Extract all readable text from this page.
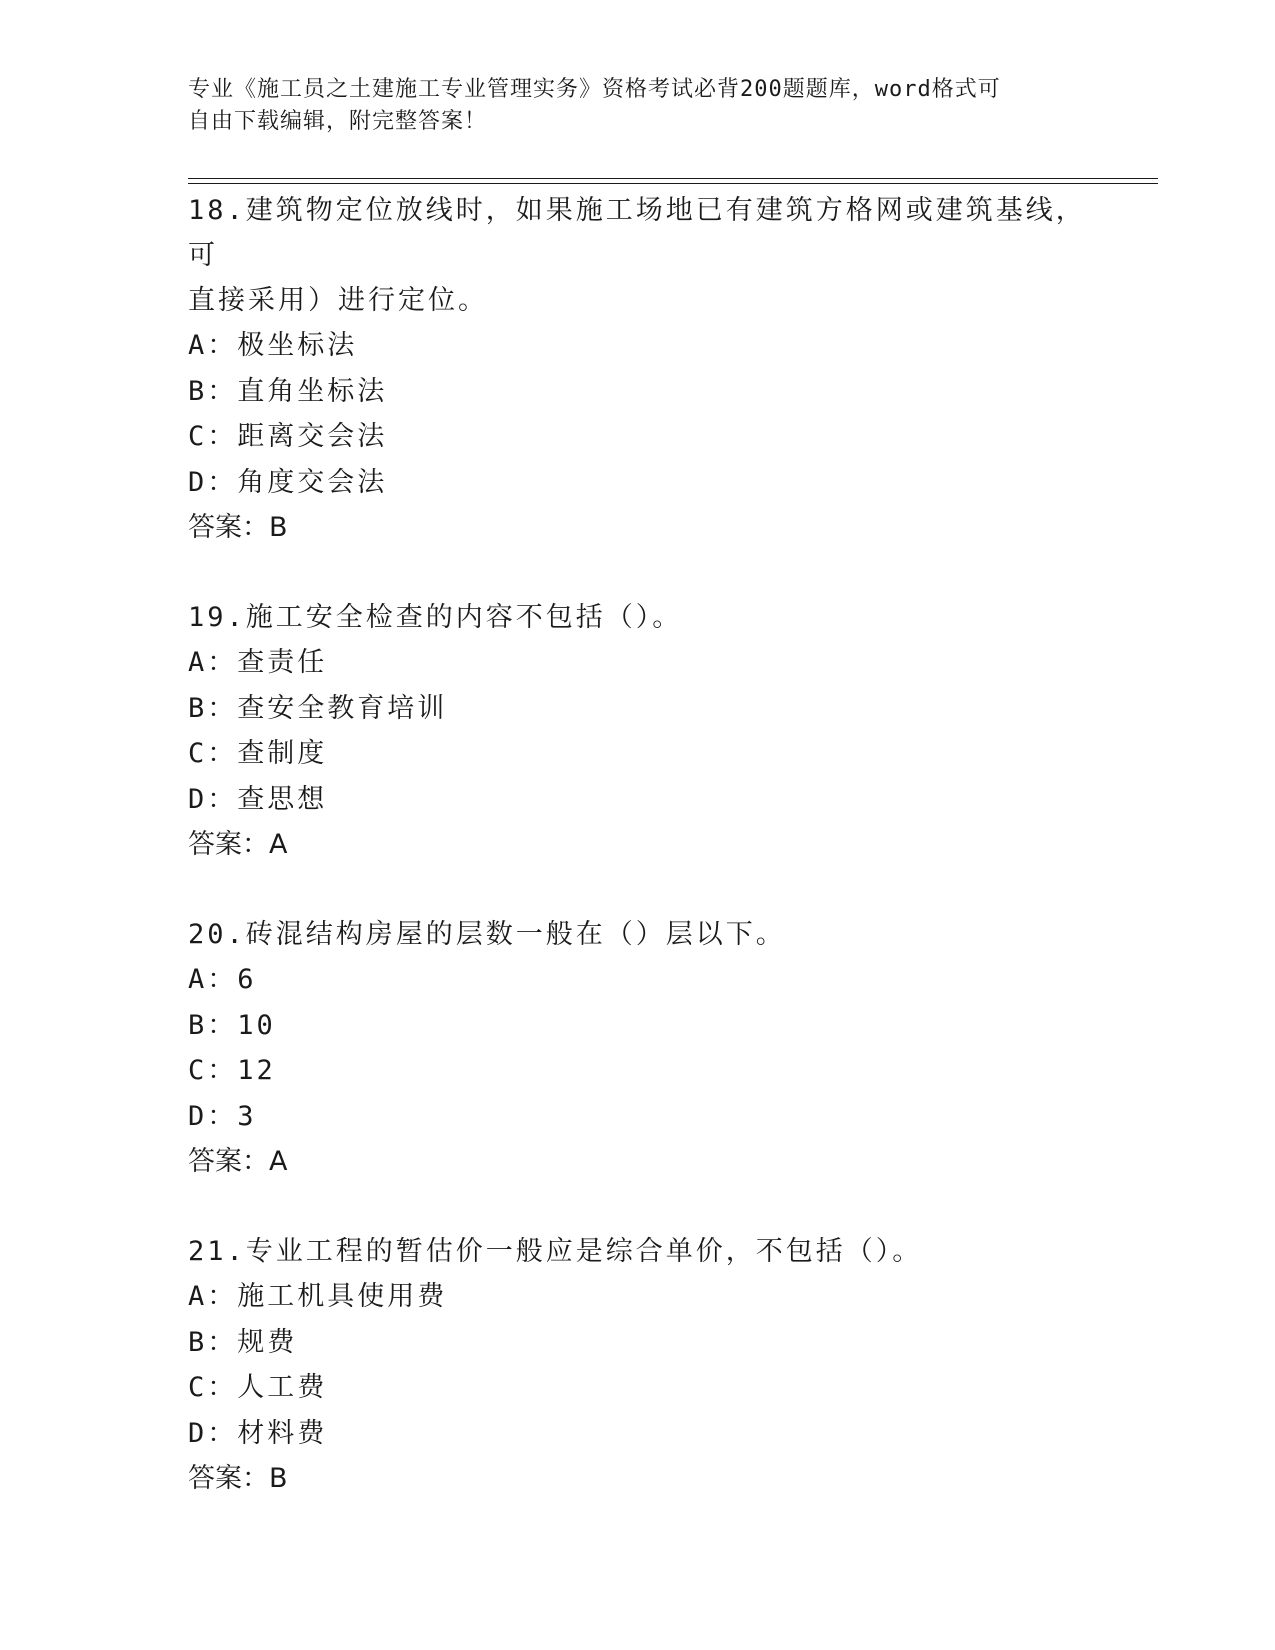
专业《施工员之土建施工专业管理实务》资格考试必背200题题库，word格式可
自由下载编辑，附完整答案！
18.建筑物定位放线时，如果施工场地已有建筑方格网或建筑基线，可
直接采用）进行定位。
A：极坐标法
B：直角坐标法
C：距离交会法
D：角度交会法
答案：B
19.施工安全检查的内容不包括（）。
A：查责任
B：查安全教育培训
C：查制度
D：查思想
答案：A
20.砖混结构房屋的层数一般在（）层以下。
A：6
B：10
C：12
D：3
答案：A
21.专业工程的暂估价一般应是综合单价，不包括（）。
A：施工机具使用费
B：规费
C：人工费
D：材料费
答案：B
